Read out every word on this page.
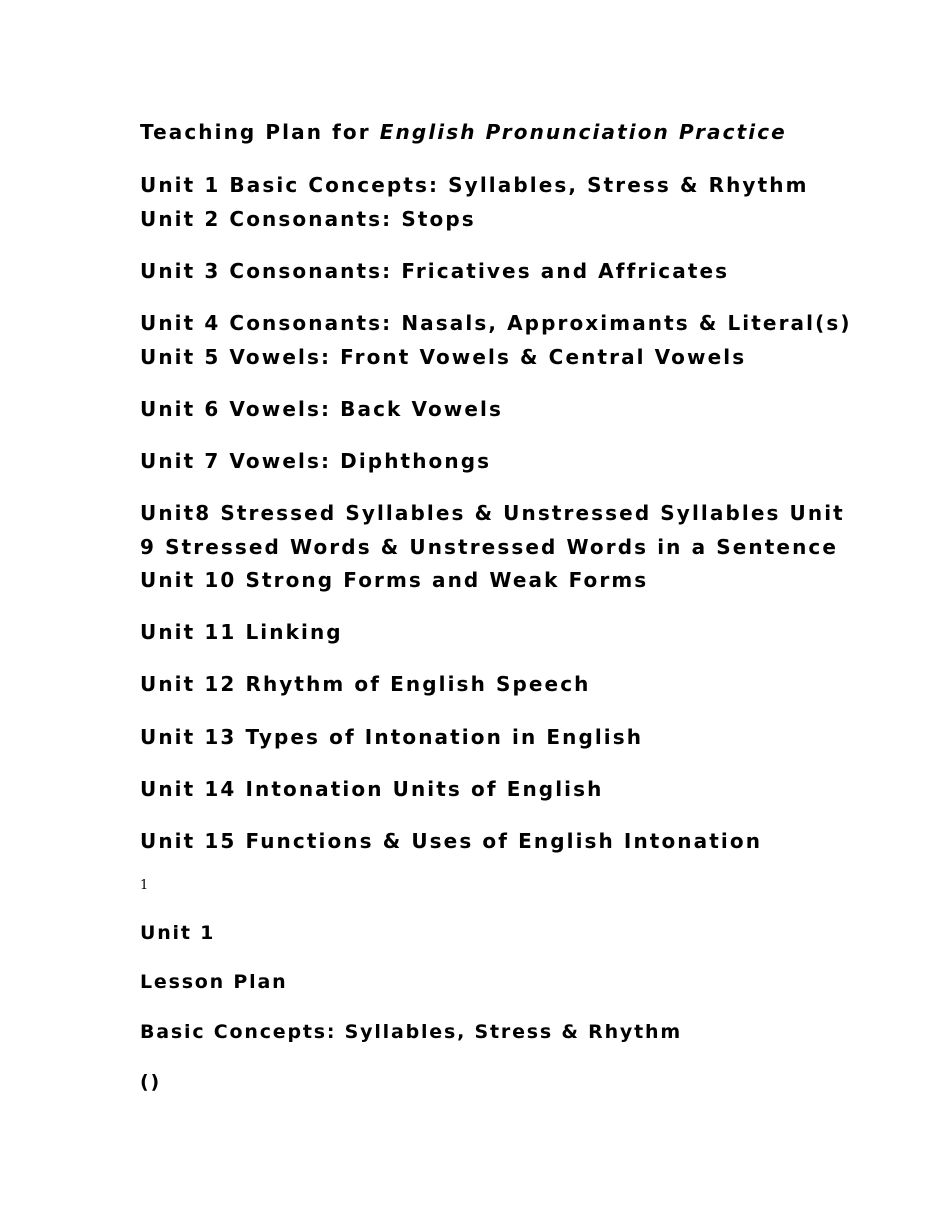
Teaching Plan for English Pronunciation Practice
Unit 1 Basic Concepts: Syllables, Stress & Rhythm
Unit 2 Consonants: Stops
Unit 3 Consonants: Fricatives and Affricates
Unit 4 Consonants: Nasals, Approximants & Literal(s)
Unit 5 Vowels: Front Vowels & Central Vowels
Unit 6 Vowels: Back Vowels
Unit 7 Vowels: Diphthongs
Unit8 Stressed Syllables & Unstressed Syllables Unit
9 Stressed Words & Unstressed Words in a Sentence
Unit 10 Strong Forms and Weak Forms
Unit 11 Linking
Unit 12 Rhythm of English Speech
Unit 13 Types of Intonation in English
Unit 14 Intonation Units of English
Unit 15 Functions & Uses of English Intonation
1
Unit 1
Lesson Plan
Basic Concepts: Syllables, Stress & Rhythm
()
